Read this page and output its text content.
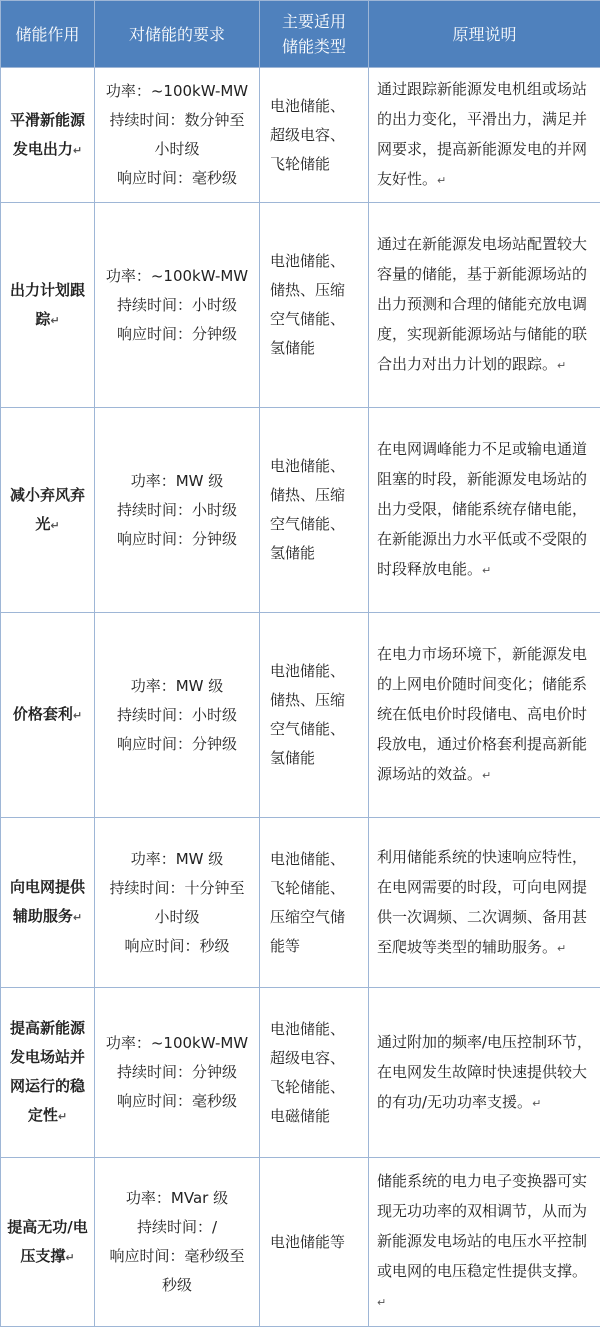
储能作用	对储能的要求	主要适用
储能类型	原理说明
平滑新能源发电出力↵	功率：~100kW-MW
持续时间：数分钟至
小时级
响应时间：毫秒级	电池储能、
超级电容、
飞轮储能	通过跟踪新能源发电机组或场站的出力变化，平滑出力，满足并网要求，提高新能源发电的并网友好性。↵
出力计划跟踪↵	功率：~100kW-MW
持续时间：小时级
响应时间：分钟级	电池储能、
储热、压缩
空气储能、
氢储能	通过在新能源发电场站配置较大容量的储能，基于新能源场站的出力预测和合理的储能充放电调度，实现新能源场站与储能的联合出力对出力计划的跟踪。↵
减小弃风弃光↵	功率：MW 级
持续时间：小时级
响应时间：分钟级	电池储能、
储热、压缩
空气储能、
氢储能	在电网调峰能力不足或输电通道阻塞的时段，新能源发电场站的出力受限，储能系统存储电能，在新能源出力水平低或不受限的时段释放电能。↵
价格套利↵	功率：MW 级
持续时间：小时级
响应时间：分钟级	电池储能、
储热、压缩
空气储能、
氢储能	在电力市场环境下，新能源发电的上网电价随时间变化；储能系统在低电价时段储电、高电价时段放电，通过价格套利提高新能源场站的效益。↵
向电网提供辅助服务↵	功率：MW 级
持续时间：十分钟至
小时级
响应时间：秒级	电池储能、
飞轮储能、
压缩空气储
能等	利用储能系统的快速响应特性，在电网需要的时段，可向电网提供一次调频、二次调频、备用甚至爬坡等类型的辅助服务。↵
提高新能源发电场站并网运行的稳定性↵	功率：~100kW-MW
持续时间：分钟级
响应时间：毫秒级	电池储能、
超级电容、
飞轮储能、
电磁储能	通过附加的频率/电压控制环节，在电网发生故障时快速提供较大的有功/无功功率支援。↵
提高无功/电压支撑↵	功率：MVar 级
持续时间：/
响应时间：毫秒级至
秒级	电池储能等	储能系统的电力电子变换器可实现无功功率的双相调节，从而为新能源发电场站的电压水平控制或电网的电压稳定性提供支撑。↵
